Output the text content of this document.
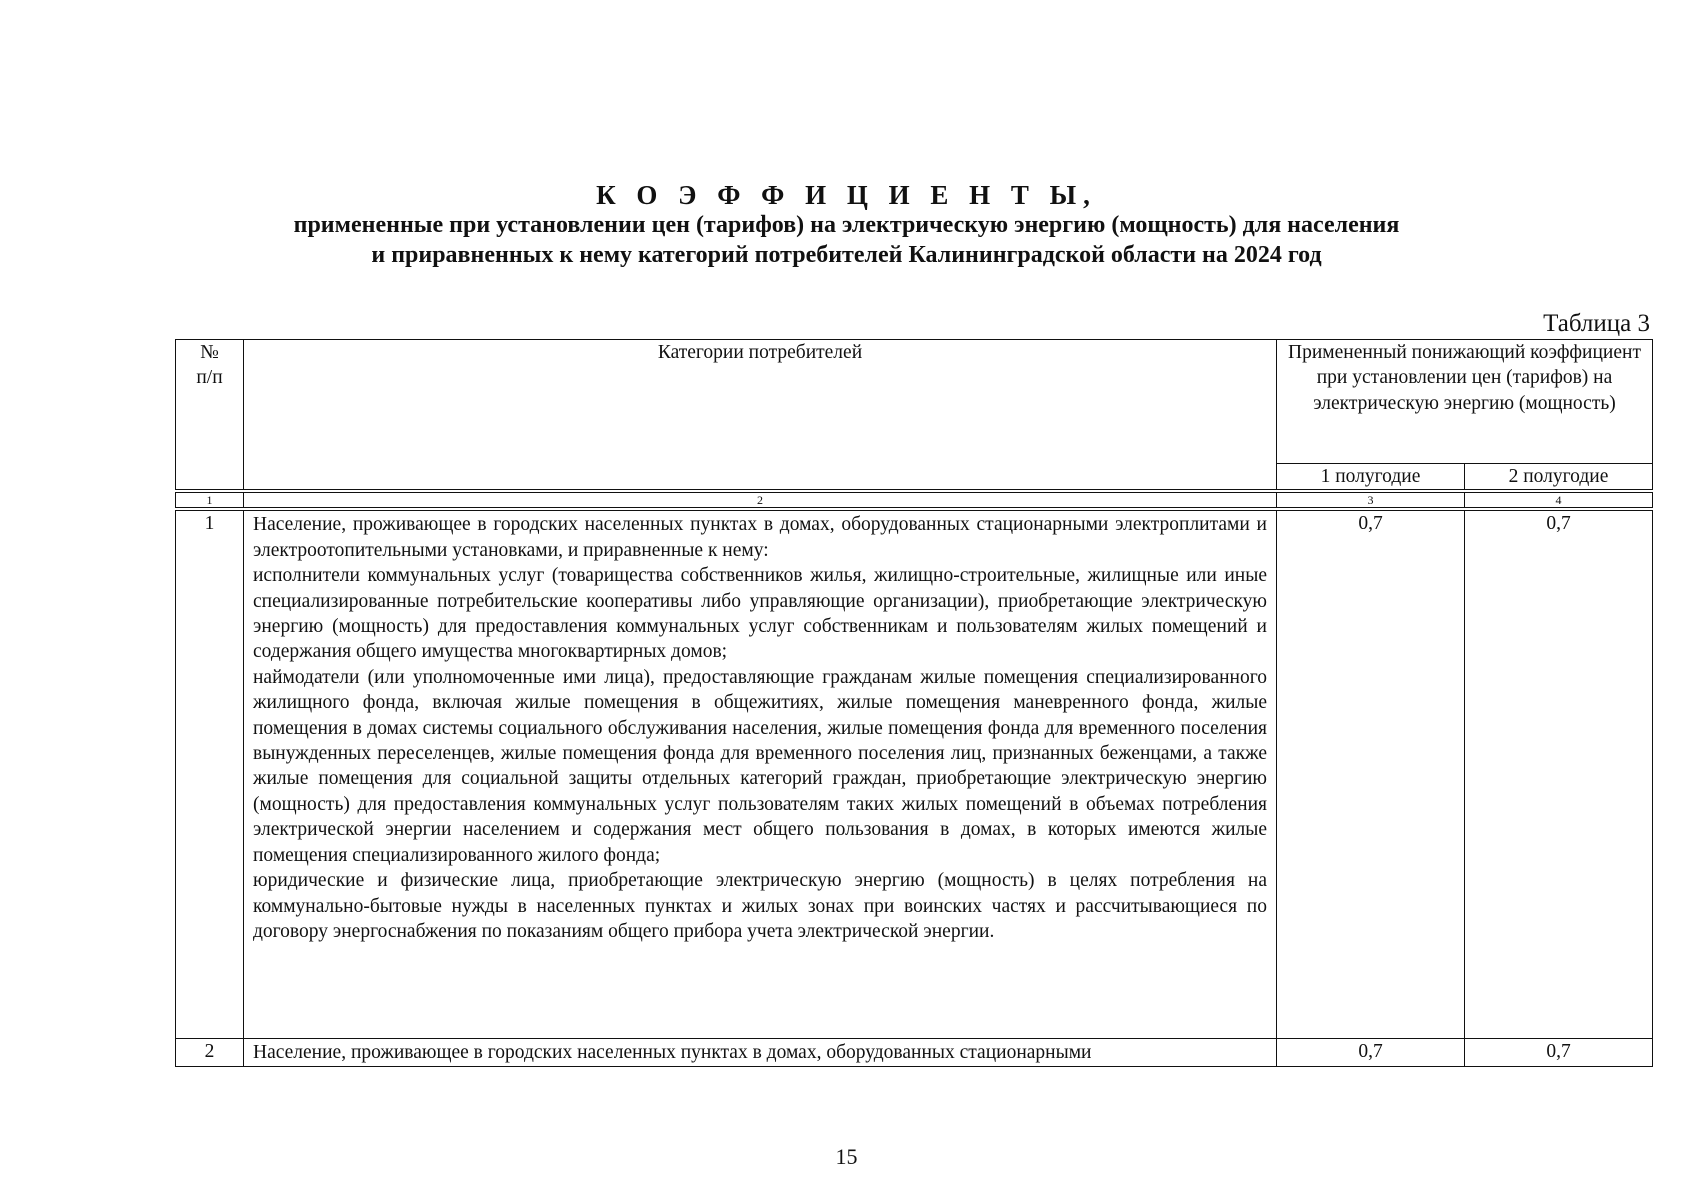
К О Э Ф Ф И Ц И Е Н Т Ы,
примененные при установлении цен (тарифов) на электрическую энергию (мощность) для населения
и приравненных к нему категорий потребителей Калининградской области на 2024 год
Таблица 3
№
п/п	Категории потребителей	Примененный понижающий коэффициент при установлении цен (тарифов) на электрическую энергию (мощность)	
		1 полугодие	2 полугодие

1	2	3	4

1	Население, проживающее в городских населенных пунктах в домах, оборудованных стационарными электроплитами и электроотопительными установками, и приравненные к нему:
исполнители коммунальных услуг (товарищества собственников жилья, жилищно-строительные, жилищные или иные специализированные потребительские кооперативы либо управляющие организации), приобретающие электрическую энергию (мощность) для предоставления коммунальных услуг собственникам и пользователям жилых помещений и содержания общего имущества многоквартирных домов;
наймодатели (или уполномоченные ими лица), предоставляющие гражданам жилые помещения специализированного жилищного фонда, включая жилые помещения в общежитиях, жилые помещения маневренного фонда, жилые помещения в домах системы социального обслуживания населения, жилые помещения фонда для временного поселения вынужденных переселенцев, жилые помещения фонда для временного поселения лиц, признанных беженцами, а также жилые помещения для социальной защиты отдельных категорий граждан, приобретающие электрическую энергию (мощность) для предоставления коммунальных услуг пользователям таких жилых помещений в объемах потребления электрической энергии населением и содержания мест общего пользования в домах, в которых имеются жилые помещения специализированного жилого фонда;
юридические и физические лица, приобретающие электрическую энергию (мощность) в целях потребления на коммунально-бытовые нужды в населенных пунктах и жилых зонах при воинских частях и рассчитывающиеся по договору энергоснабжения по показаниям общего прибора учета электрической энергии.	0,7	0,7
2	Население, проживающее в городских населенных пунктах в домах, оборудованных стационарными	0,7	0,7
15
